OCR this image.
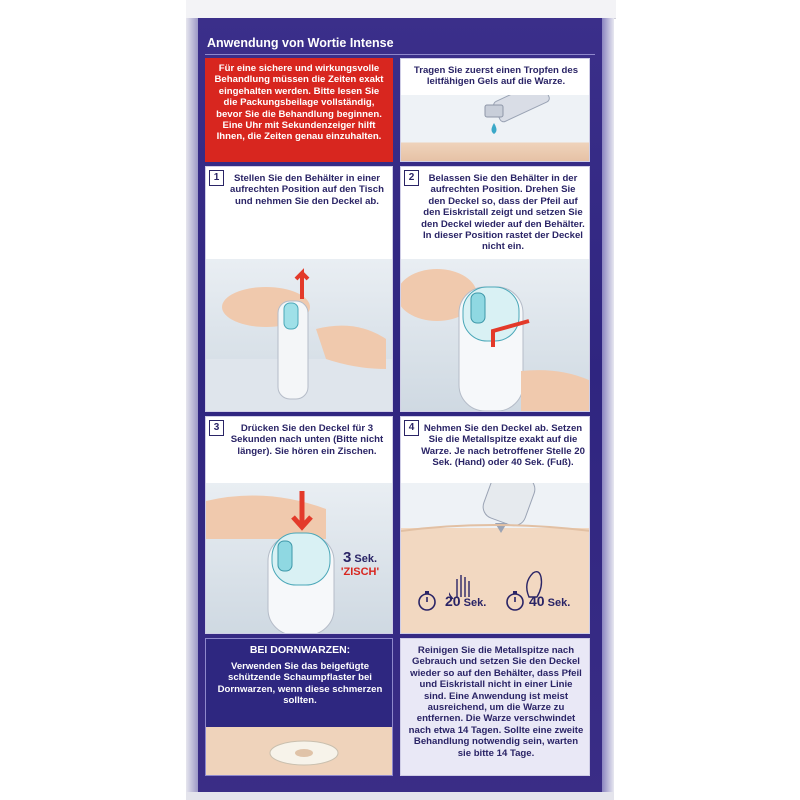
Anwendung von Wortie Intense
Für eine sichere und wirkungsvolle Behandlung müssen die Zeiten exakt eingehalten werden. Bitte lesen Sie die Packungsbeilage vollständig, bevor Sie die Behandlung beginnen. Eine Uhr mit Sekundenzeiger hilft Ihnen, die Zeiten genau einzuhalten.
Tragen Sie zuerst einen Tropfen des leitfähigen Gels auf die Warze.
1	Stellen Sie den Behälter in einer aufrechten Position auf den Tisch und nehmen Sie den Deckel ab.
2	Belassen Sie den Behälter in der aufrechten Position. Drehen Sie den Deckel so, dass der Pfeil auf den Eiskristall zeigt und setzen Sie den Deckel wieder auf den Behälter. In dieser Position rastet der Deckel nicht ein.
3	Drücken Sie den Deckel für 3 Sekunden nach unten (Bitte nicht länger). Sie hören ein Zischen.
3 Sek.
'ZISCH'
4 Nehmen Sie den Deckel ab. Setzen Sie die Metallspitze exakt auf die Warze. Je nach betroffener Stelle 20 Sek. (Hand) oder 40 Sek. (Fuß).
20 Sek.	40 Sek.
BEI DORNWARZEN:
Verwenden Sie das beigefügte schützende Schaumpflaster bei Dornwarzen, wenn diese schmerzen sollten.
Reinigen Sie die Metallspitze nach Gebrauch und setzen Sie den Deckel wieder so auf den Behälter, dass Pfeil und Eiskristall nicht in einer Linie sind. Eine Anwendung ist meist ausreichend, um die Warze zu entfernen. Die Warze verschwindet nach etwa 14 Tagen. Sollte eine zweite Behandlung notwendig sein, warten sie bitte 14 Tage.
